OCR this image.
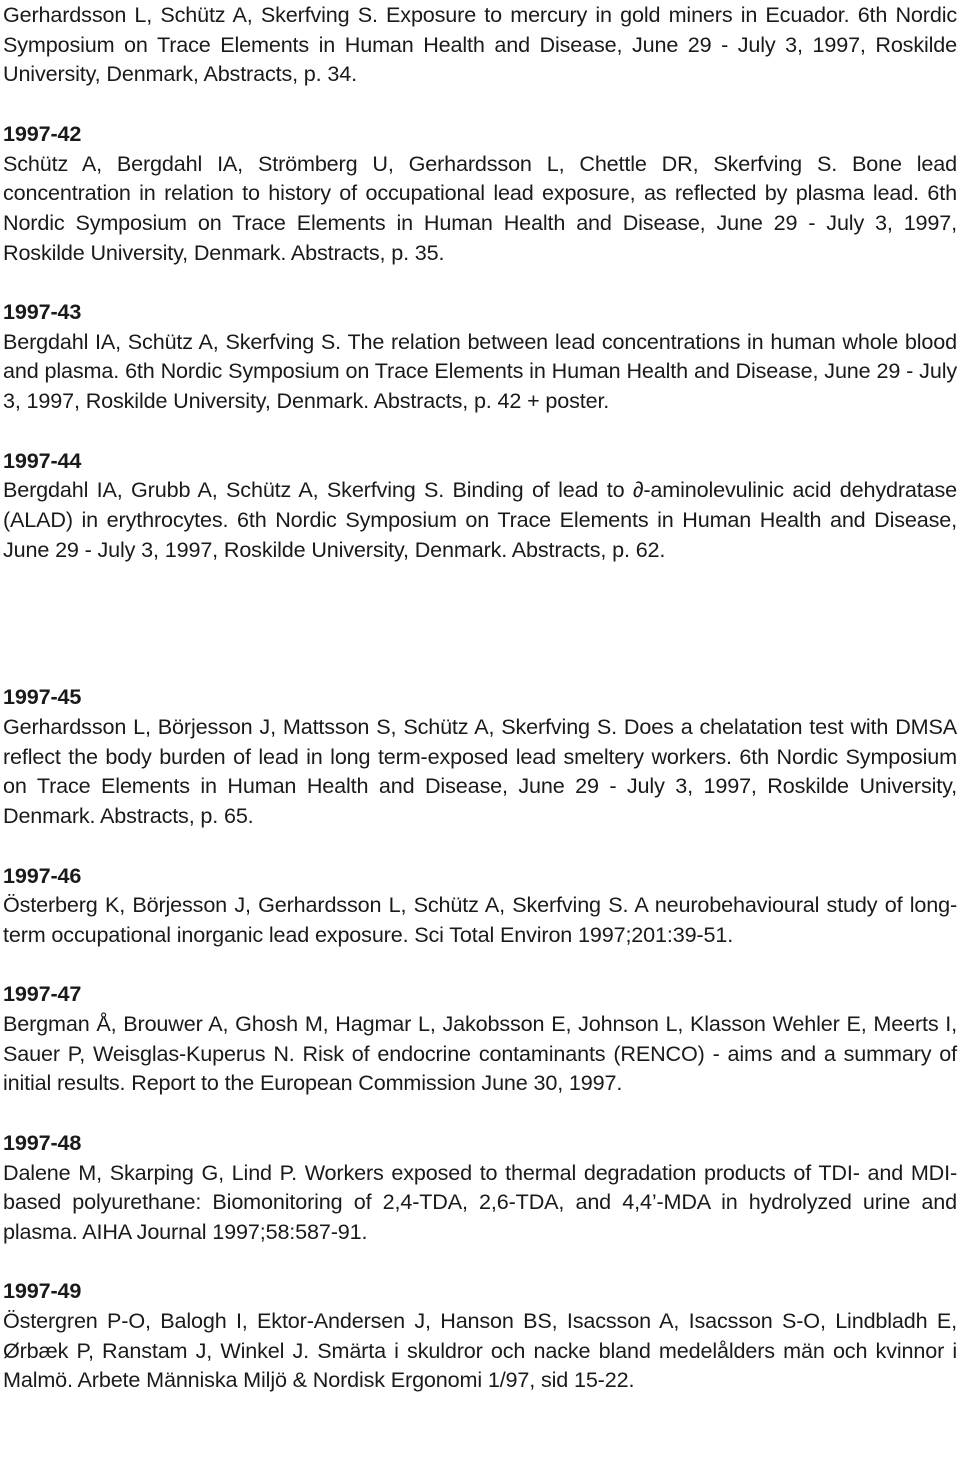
Gerhardsson L, Schütz A, Skerfving S. Exposure to mercury in gold miners in Ecuador. 6th Nordic Symposium on Trace Elements in Human Health and Disease, June 29 - July 3, 1997, Roskilde University, Denmark, Abstracts, p. 34.

1997-42

Schütz A, Bergdahl IA, Strömberg U, Gerhardsson L, Chettle DR, Skerfving S. Bone lead concentration in relation to history of occupational lead exposure, as reflected by plasma lead. 6th Nordic Symposium on Trace Elements in Human Health and Disease, June 29 - July 3, 1997, Roskilde University, Denmark. Abstracts, p. 35.

1997-43

Bergdahl IA, Schütz A, Skerfving S. The relation between lead concentrations in human whole blood and plasma. 6th Nordic Symposium on Trace Elements in Human Health and Disease, June 29 - July 3, 1997, Roskilde University, Denmark. Abstracts, p. 42 + poster.

1997-44

Bergdahl IA, Grubb A, Schütz A, Skerfving S. Binding of lead to ∂-aminolevulinic acid dehydratase (ALAD) in erythrocytes. 6th Nordic Symposium on Trace Elements in Human Health and Disease, June 29 - July 3, 1997, Roskilde University, Denmark. Abstracts, p. 62.

1997-45

Gerhardsson L, Börjesson J, Mattsson S, Schütz A, Skerfving S. Does a chelatation test with DMSA reflect the body burden of lead in long term-exposed lead smeltery workers. 6th Nordic Symposium on Trace Elements in Human Health and Disease, June 29 - July 3, 1997, Roskilde University, Denmark. Abstracts, p. 65.

1997-46

Österberg K, Börjesson J, Gerhardsson L, Schütz A, Skerfving S. A neurobehavioural study of long-term occupational inorganic lead exposure. Sci Total Environ 1997;201:39-51.

1997-47

Bergman Å, Brouwer A, Ghosh M, Hagmar L, Jakobsson E, Johnson L, Klasson Wehler E, Meerts I, Sauer P, Weisglas-Kuperus N. Risk of endocrine contaminants (RENCO) - aims and a summary of initial results. Report to the European Commission June 30, 1997.

1997-48

Dalene M, Skarping G, Lind P. Workers exposed to thermal degradation products of TDI- and MDI-based polyurethane: Biomonitoring of 2,4-TDA, 2,6-TDA, and 4,4’-MDA in hydrolyzed urine and plasma. AIHA Journal 1997;58:587-91.

1997-49

Östergren P-O, Balogh I, Ektor-Andersen J, Hanson BS, Isacsson A, Isacsson S-O, Lindbladh E, Ørbæk P, Ranstam J, Winkel J. Smärta i skuldror och nacke bland medelålders män och kvinnor i Malmö. Arbete Människa Miljö & Nordisk Ergonomi 1/97, sid 15-22.
